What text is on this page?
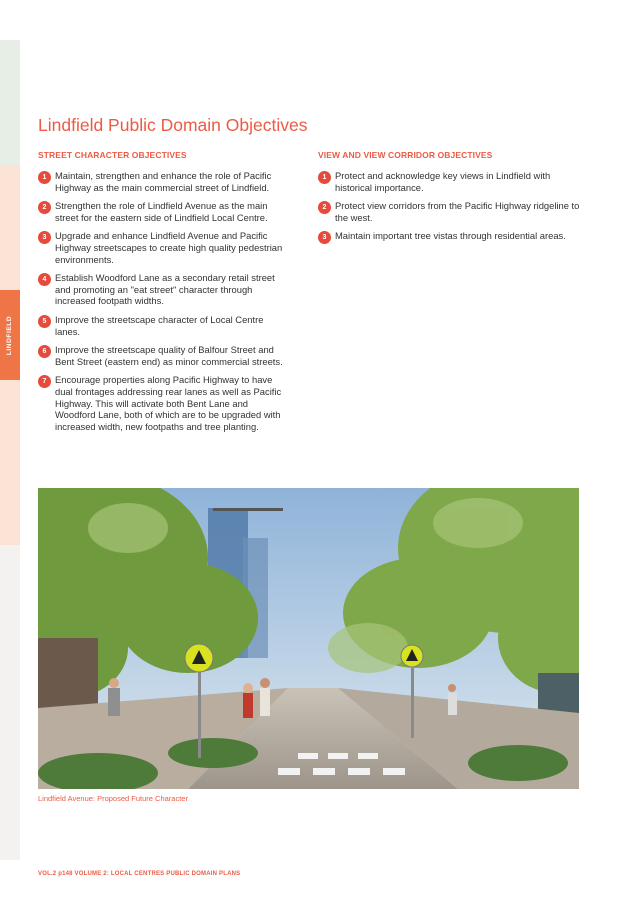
LINDFIELD
Lindfield Public Domain Objectives
STREET CHARACTER OBJECTIVES
1 Maintain, strengthen and enhance the role of Pacific Highway as the main commercial street of Lindfield.
2 Strengthen the role of Lindfield Avenue as the main street for the eastern side of Lindfield Local Centre.
3 Upgrade and enhance Lindfield Avenue and Pacific Highway streetscapes to create high quality pedestrian environments.
4 Establish Woodford Lane as a secondary retail street and promoting an "eat street" character through increased footpath widths.
5 Improve the streetscape character of Local Centre lanes.
6 Improve the streetscape quality of Balfour Street and Bent Street (eastern end) as minor commercial streets.
7 Encourage properties along Pacific Highway to have dual frontages addressing rear lanes as well as Pacific Highway. This will activate both Bent Lane and Woodford Lane, both of which are to be upgraded with increased width, new footpaths and tree planting.
VIEW AND VIEW CORRIDOR OBJECTIVES
1 Protect and acknowledge key views in Lindfield with historical importance.
2 Protect view corridors from the Pacific Highway ridgeline to the west.
3 Maintain important tree vistas through residential areas.
Lindfield Avenue: Proposed Future Character
VOL.2 p148 VOLUME 2: LOCAL CENTRES PUBLIC DOMAIN PLANS
